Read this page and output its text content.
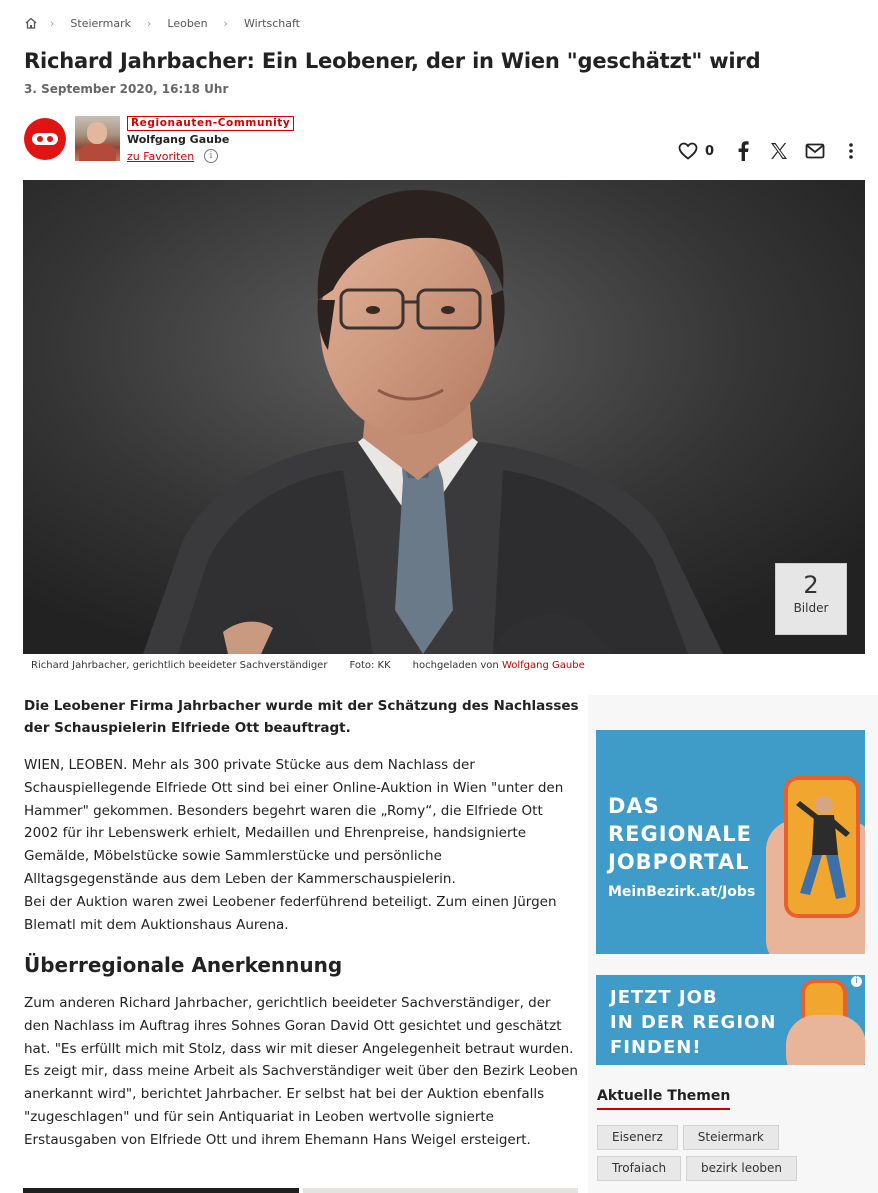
› Steiermark › Leoben › Wirtschaft
Richard Jahrbacher: Ein Leobener, der in Wien "geschätzt" wird
3. September 2020, 16:18 Uhr
Regionauten-Community
Wolfgang Gaube
zu Favoriten	i	0
2
Bilder
Richard Jahrbacher, gerichtlich beeideter Sachverständiger Foto: KK hochgeladen von Wolfgang Gaube

Die Leobener Firma Jahrbacher wurde mit der Schätzung des Nachlasses der Schauspielerin Elfriede Ott beauftragt.

WIEN, LEOBEN. Mehr als 300 private Stücke aus dem Nachlass der Schauspiellegende Elfriede Ott sind bei einer Online-Auktion in Wien "unter den Hammer" gekommen. Besonders begehrt waren die „Romy“, die Elfriede Ott 2002 für ihr Lebenswerk erhielt, Medaillen und Ehrenpreise, handsignierte Gemälde, Möbelstücke sowie Sammlerstücke und persönliche Alltagsgegenstände aus dem Leben der Kammerschauspielerin.

Bei der Auktion waren zwei Leobener federführend beteiligt. Zum einen Jürgen Blematl mit dem Auktionshaus Aurena.

Überregionale Anerkennung

Zum anderen Richard Jahrbacher, gerichtlich beeideter Sachverständiger, der den Nachlass im Auftrag ihres Sohnes Goran David Ott gesichtet und geschätzt hat. "Es erfüllt mich mit Stolz, dass wir mit dieser Angelegenheit betraut wurden. Es zeigt mir, dass meine Arbeit als Sachverständiger weit über den Bezirk Leoben anerkannt wird", berichtet Jahrbacher. Er selbst hat bei der Auktion ebenfalls "zugeschlagen" und für sein Antiquariat in Leoben wertvolle signierte Erstausgaben von Elfriede Ott und ihrem Ehemann Hans Weigel ersteigert.

DAS
REGIONALE
JOBPORTAL
MeinBezirk.at/Jobs
JETZT JOB
IN DER REGION
FINDEN!
i
Aktuelle Themen
Eisenerz	Steiermark
Trofaiach	bezirk leoben
